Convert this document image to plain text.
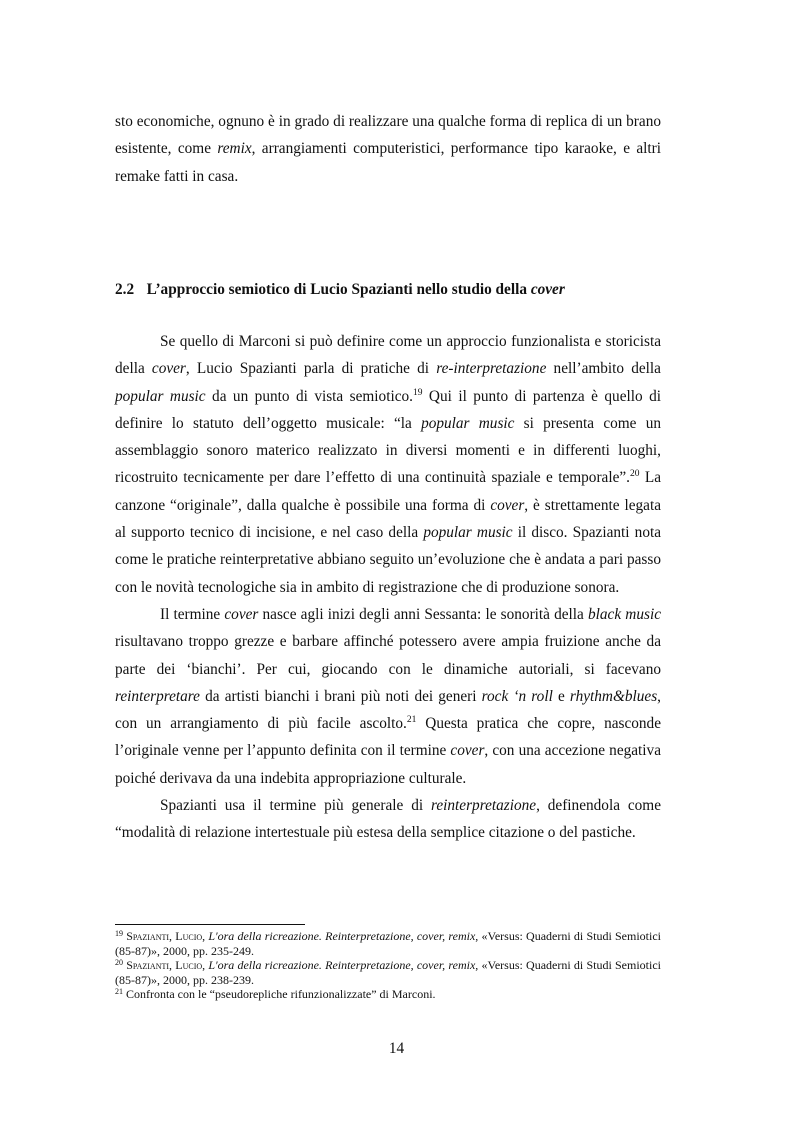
sto economiche, ognuno è in grado di realizzare una qualche forma di replica di un brano esistente, come remix, arrangiamenti computeristici, performance tipo karaoke, e altri remake fatti in casa.

2.2 L’approccio semiotico di Lucio Spazianti nello studio della cover

Se quello di Marconi si può definire come un approccio funzionalista e storicista della cover, Lucio Spazianti parla di pratiche di re-interpretazione nell’ambito della popular music da un punto di vista semiotico.$^{19}$ Qui il punto di partenza è quello di definire lo statuto dell’oggetto musicale: “la popular music si presenta come un assemblaggio sonoro materico realizzato in diversi momenti e in differenti luoghi, ricostruito tecnicamente per dare l’effetto di una continuità spaziale e temporale”.$^{20}$ La canzone “originale”, dalla qualche è possibile una forma di cover, è strettamente legata al supporto tecnico di incisione, e nel caso della popular music il disco. Spazianti nota come le pratiche reinterpretative abbiano seguito un’evoluzione che è andata a pari passo con le novità tecnologiche sia in ambito di registrazione che di produzione sonora.

Il termine cover nasce agli inizi degli anni Sessanta: le sonorità della black music risultavano troppo grezze e barbare affinché potessero avere ampia fruizione anche da parte dei ‘bianchi’. Per cui, giocando con le dinamiche autoriali, si facevano reinterpretare da artisti bianchi i brani più noti dei generi rock ‘n roll e rhythm&blues, con un arrangiamento di più facile ascolto.$^{21}$ Questa pratica che copre, nasconde l’originale venne per l’appunto definita con il termine cover, con una accezione negativa poiché derivava da una indebita appropriazione culturale.

Spazianti usa il termine più generale di reinterpretazione, definendola come “modalità di relazione intertestuale più estesa della semplice citazione o del pastiche.

$^{19}$ Spazianti, Lucio, L'ora della ricreazione. Reinterpretazione, cover, remix, «Versus: Quaderni di Studi Semiotici (85-87)», 2000, pp. 235-249.

$^{20}$ Spazianti, Lucio, L'ora della ricreazione. Reinterpretazione, cover, remix, «Versus: Quaderni di Studi Semiotici (85-87)», 2000, pp. 238-239.

$^{21}$ Confronta con le “pseudorepliche rifunzionalizzate” di Marconi.

14
